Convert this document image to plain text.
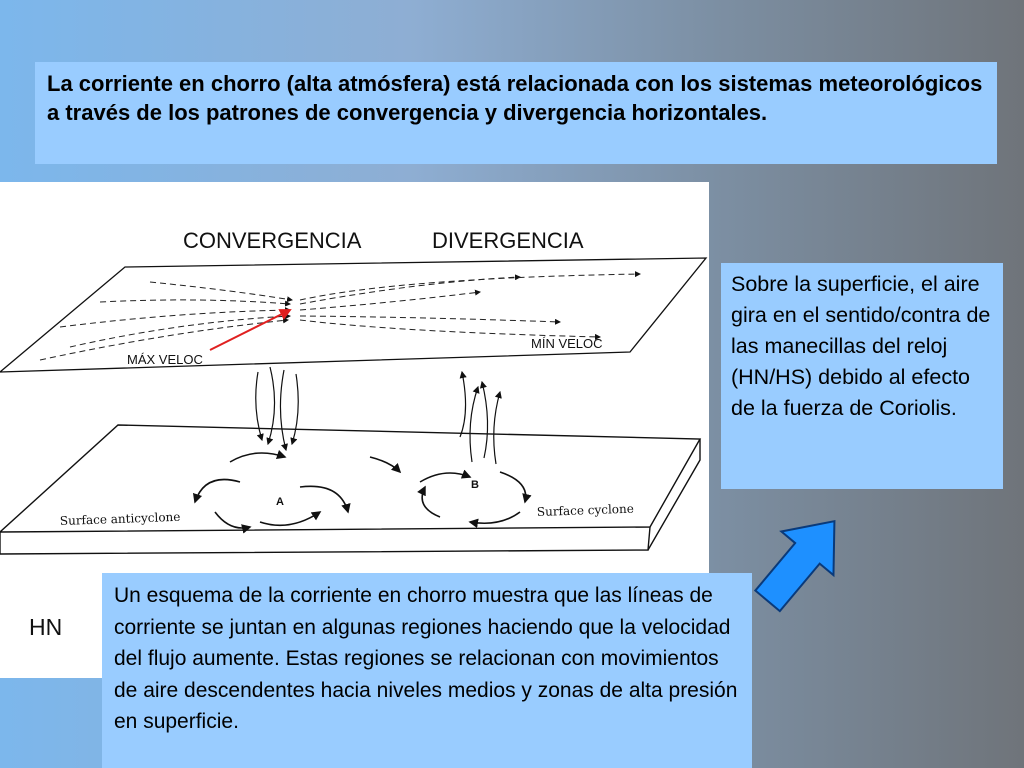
La corriente en chorro (alta atmósfera) está relacionada con los sistemas meteorológicos a través de los patrones de convergencia y divergencia horizontales.
Surface anticyclone	Surface cyclone
A
B
CONVERGENCIA	DIVERGENCIA
MÁX VELOC
MÍN VELOC
HN
Sobre la superficie, el aire gira en el sentido/contra de las manecillas del reloj (HN/HS) debido al efecto de la fuerza de Coriolis.
Un esquema de la corriente en chorro muestra que las líneas de corriente se juntan en algunas regiones haciendo que la velocidad del flujo aumente. Estas regiones se relacionan con movimientos de aire descendentes hacia niveles medios y zonas de alta presión en superficie.
